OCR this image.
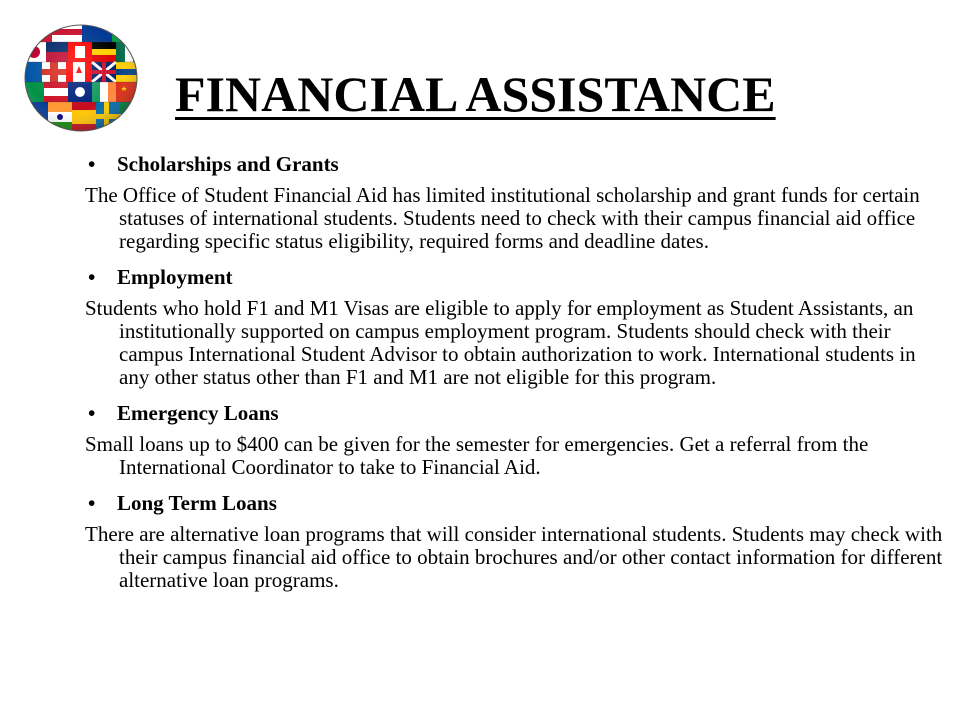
FINANCIAL ASSISTANCE
•	Scholarships and Grants

The Office of Student Financial Aid has limited institutional scholarship and grant funds for certain statuses of international students. Students need to check with their campus financial aid office regarding specific status eligibility, required forms and deadline dates.

•	Employment

Students who hold F1 and M1 Visas are eligible to apply for employment as Student Assistants, an institutionally supported on campus employment program. Students should check with their campus International Student Advisor to obtain authorization to work. International students in any other status other than F1 and M1 are not eligible for this program.

•	Emergency Loans

Small loans up to $400 can be given for the semester for emergencies. Get a referral from the International Coordinator to take to Financial Aid.

•	Long Term Loans

There are alternative loan programs that will consider international students. Students may check with their campus financial aid office to obtain brochures and/or other contact information for different alternative loan programs.
